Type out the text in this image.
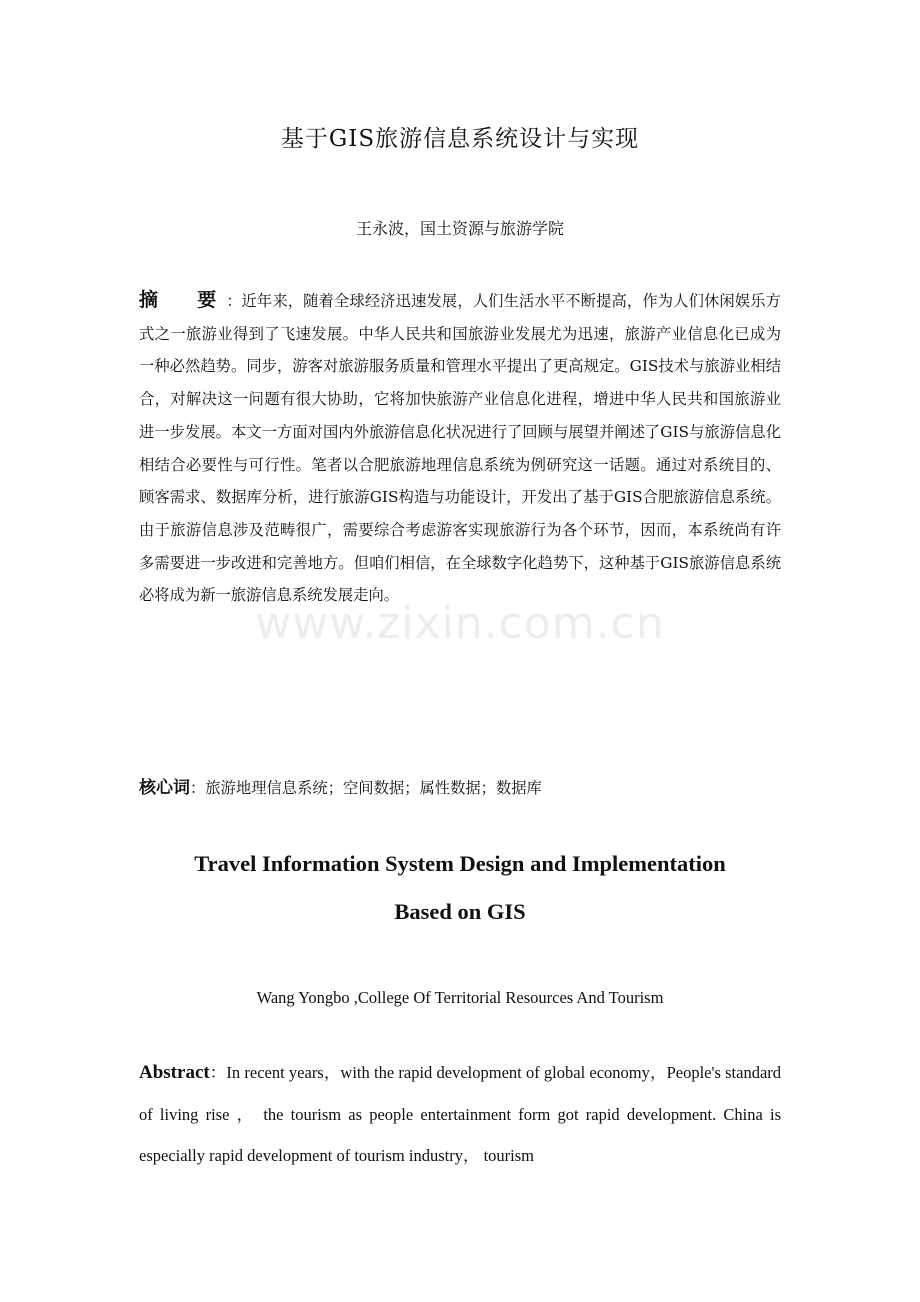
基于GIS旅游信息系统设计与实现
王永波，国土资源与旅游学院
摘　要：近年来，随着全球经济迅速发展，人们生活水平不断提高，作为人们休闲娱乐方式之一旅游业得到了飞速发展。中华人民共和国旅游业发展尤为迅速，旅游产业信息化已成为一种必然趋势。同步，游客对旅游服务质量和管理水平提出了更高规定。GIS技术与旅游业相结合，对解决这一问题有很大协助，它将加快旅游产业信息化进程，增进中华人民共和国旅游业进一步发展。本文一方面对国内外旅游信息化状况进行了回顾与展望并阐述了GIS与旅游信息化相结合必要性与可行性。笔者以合肥旅游地理信息系统为例研究这一话题。通过对系统目的、顾客需求、数据库分析，进行旅游GIS构造与功能设计，开发出了基于GIS合肥旅游信息系统。由于旅游信息涉及范畴很广，需要综合考虑游客实现旅游行为各个环节，因而，本系统尚有许多需要进一步改进和完善地方。但咱们相信，在全球数字化趋势下，这种基于GIS旅游信息系统必将成为新一旅游信息系统发展走向。
核心词：旅游地理信息系统；空间数据；属性数据；数据库
Travel Information System Design and Implementation
Based on GIS
Wang Yongbo ,College Of Territorial Resources And Tourism
Abstract：In recent years，with the rapid development of global economy，People's standard of living rise ， the tourism as people entertainment form got rapid development. China is especially rapid development of tourism industry， tourism
www.zixin.com.cn
